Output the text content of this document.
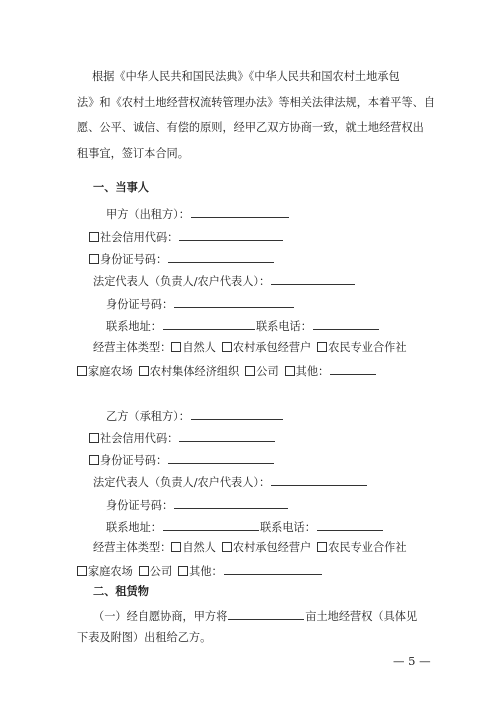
根据《中华人民共和国民法典》《中华人民共和国农村土地承包
法》和《农村土地经营权流转管理办法》等相关法律法规，本着平等、自
愿、公平、诚信、有偿的原则，经甲乙双方协商一致，就土地经营权出
租事宜，签订本合同。
一、当事人
甲方（出租方）：
社会信用代码：
身份证号码：
法定代表人（负责人/农户代表人）：
身份证号码：
联系地址：	联系电话：
经营主体类型： 自然人 农村承包经营户 农民专业合作社
家庭农场 农村集体经济组织 公司 其他：
乙方（承租方）：
社会信用代码：
身份证号码：
法定代表人（负责人/农户代表人）：
身份证号码：
联系地址：	联系电话：
经营主体类型： 自然人 农村承包经营户 农民专业合作社
家庭农场 公司 其他：
二、租赁物
（一）经自愿协商，甲方将	亩土地经营权（具体见
下表及附图）出租给乙方。
— 5 —
